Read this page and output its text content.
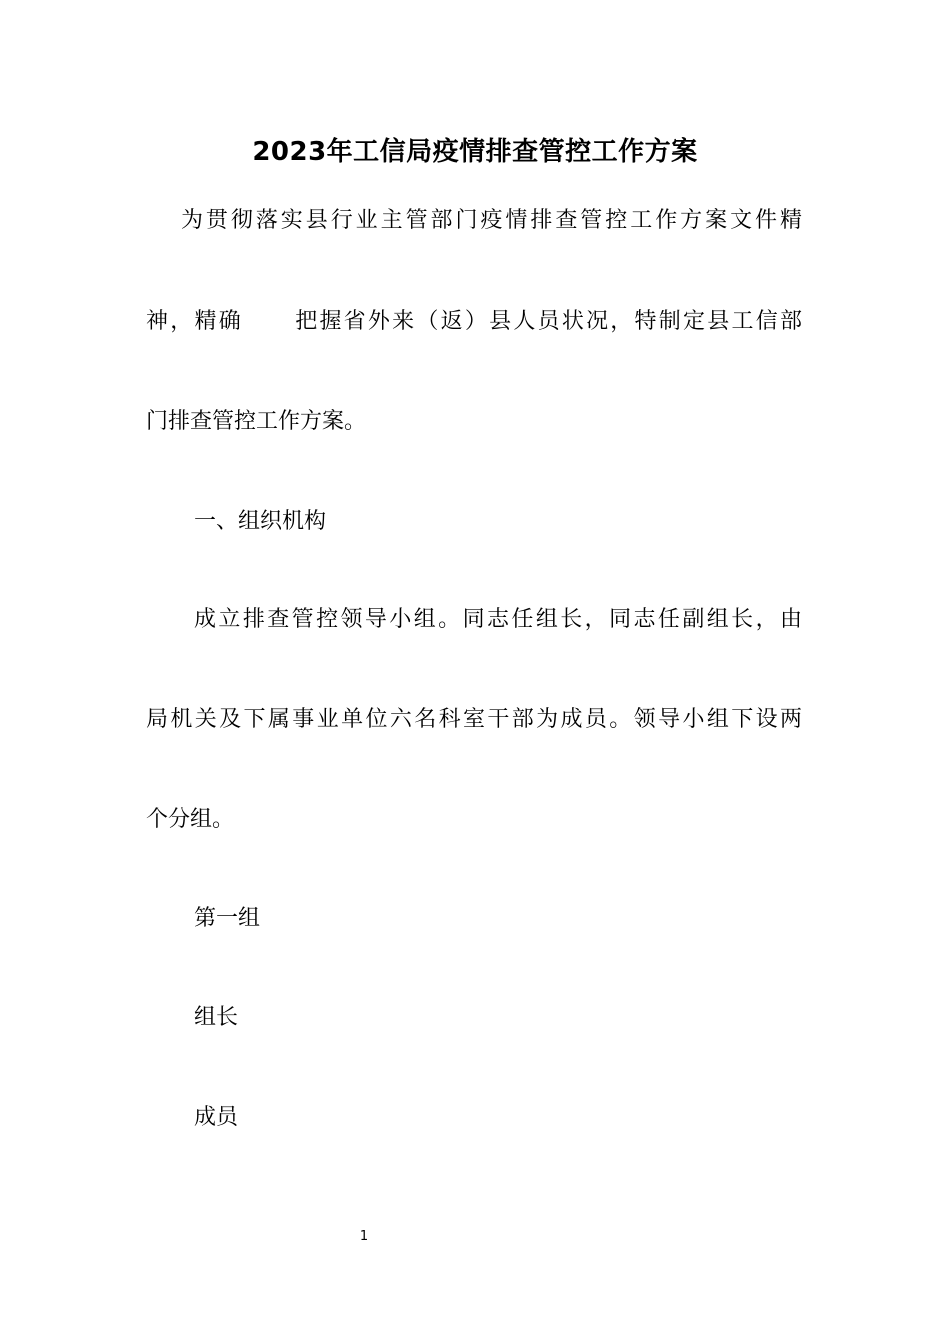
2023年工信局疫情排查管控工作方案
为贯彻落实县行业主管部门疫情排查管控工作方案文件精
神，精确 把握省外来（返）县人员状况，特制定县工信部
门排查管控工作方案。
一、组织机构
成立排查管控领导小组。同志任组长，同志任副组长，由
局机关及下属事业单位六名科室干部为成员。领导小组下设两
个分组。
第一组
组长
成员
1
